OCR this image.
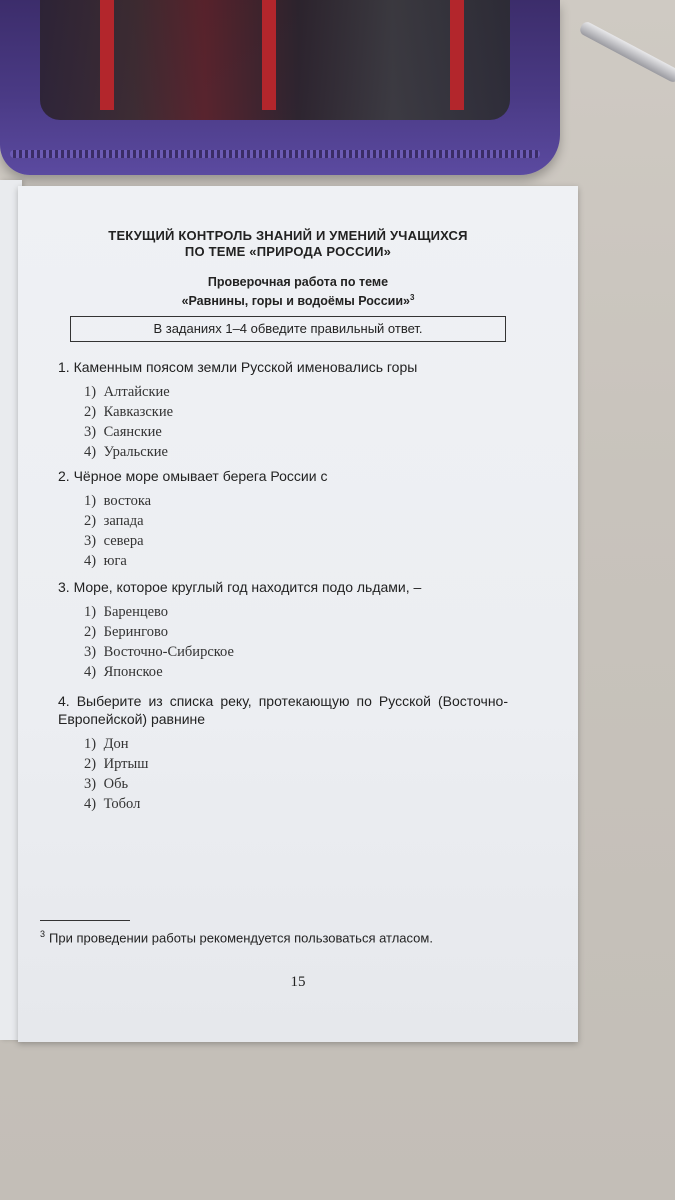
ТЕКУЩИЙ КОНТРОЛЬ ЗНАНИЙ И УМЕНИЙ УЧАЩИХСЯ
ПО ТЕМЕ «ПРИРОДА РОССИИ»
Проверочная работа по теме
«Равнины, горы и водоёмы России»$^3$
В заданиях 1–4 обведите правильный ответ.
1. Каменным поясом земли Русской именовались горы
1) Алтайские
2) Кавказские
3) Саянские
4) Уральские
2. Чёрное море омывает берега России с
1) востока
2) запада
3) севера
4) юга
3. Море, которое круглый год находится подо льдами, –
1) Баренцево
2) Берингово
3) Восточно-Сибирское
4) Японское
4. Выберите из списка реку, протекающую по Русской (Восточно-Европейской) равнине
1) Дон
2) Иртыш
3) Обь
4) Тобол
$^3$ При проведении работы рекомендуется пользоваться атласом.
15
